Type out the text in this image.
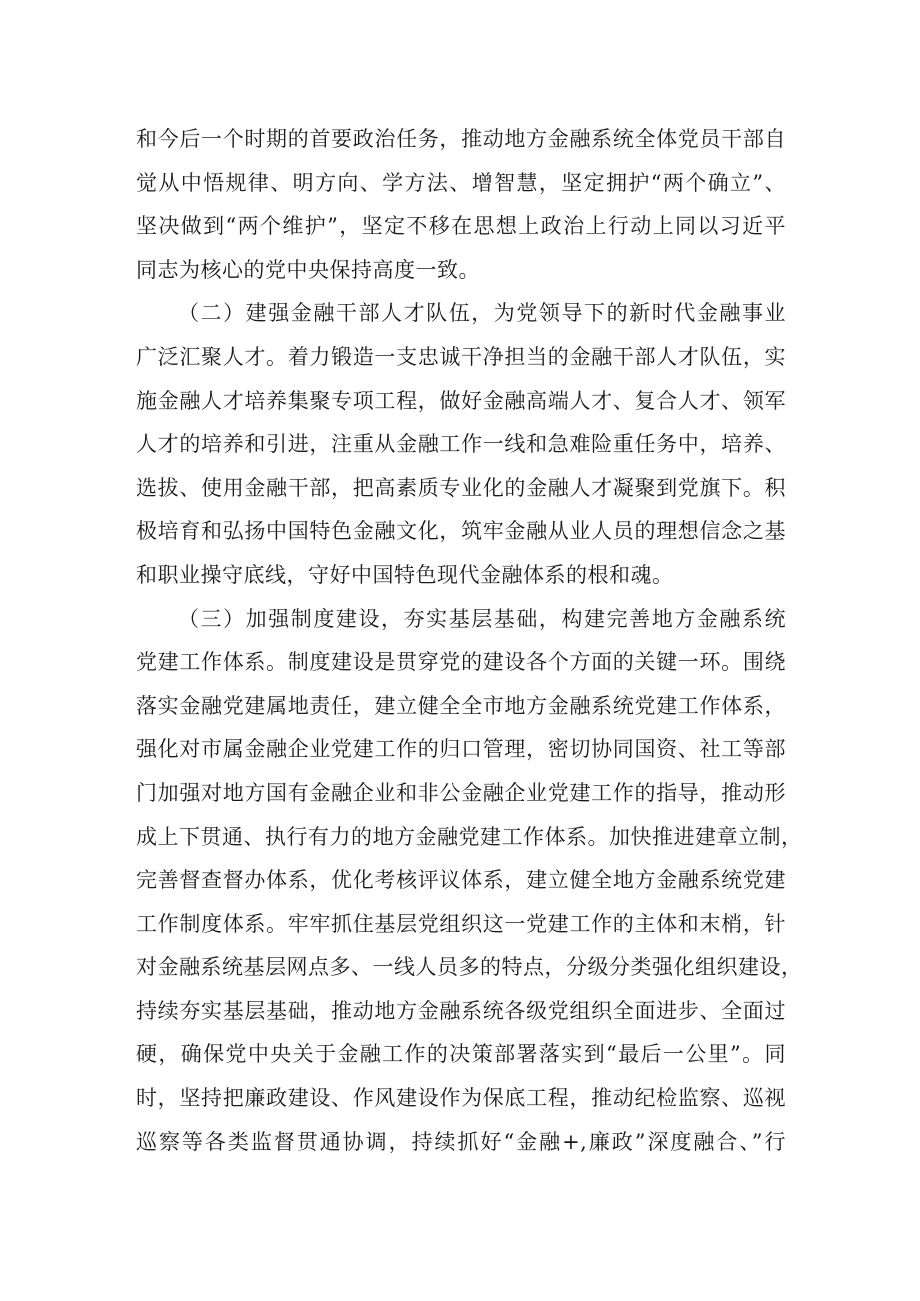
和今后一个时期的首要政治任务，推动地方金融系统全体党员干部自
觉从中悟规律、明方向、学方法、增智慧，坚定拥护“两个确立”、
坚决做到“两个维护”，坚定不移在思想上政治上行动上同以习近平
同志为核心的党中央保持高度一致。
（二）建强金融干部人才队伍，为党领导下的新时代金融事业
广泛汇聚人才。着力锻造一支忠诚干净担当的金融干部人才队伍，实
施金融人才培养集聚专项工程，做好金融高端人才、复合人才、领军
人才的培养和引进，注重从金融工作一线和急难险重任务中，培养、
选拔、使用金融干部，把高素质专业化的金融人才凝聚到党旗下。积
极培育和弘扬中国特色金融文化，筑牢金融从业人员的理想信念之基
和职业操守底线，守好中国特色现代金融体系的根和魂。
（三）加强制度建设，夯实基层基础，构建完善地方金融系统
党建工作体系。制度建设是贯穿党的建设各个方面的关键一环。围绕
落实金融党建属地责任，建立健全全市地方金融系统党建工作体系，
强化对市属金融企业党建工作的归口管理，密切协同国资、社工等部
门加强对地方国有金融企业和非公金融企业党建工作的指导，推动形
成上下贯通、执行有力的地方金融党建工作体系。加快推进建章立制，
完善督查督办体系，优化考核评议体系，建立健全地方金融系统党建
工作制度体系。牢牢抓住基层党组织这一党建工作的主体和末梢，针
对金融系统基层网点多、一线人员多的特点，分级分类强化组织建设，
持续夯实基层基础，推动地方金融系统各级党组织全面进步、全面过
硬，确保党中央关于金融工作的决策部署落实到“最后一公里”。同
时，坚持把廉政建设、作风建设作为保底工程，推动纪检监察、巡视
巡察等各类监督贯通协调，持续抓好“金融+,廉政”深度融合、”行
